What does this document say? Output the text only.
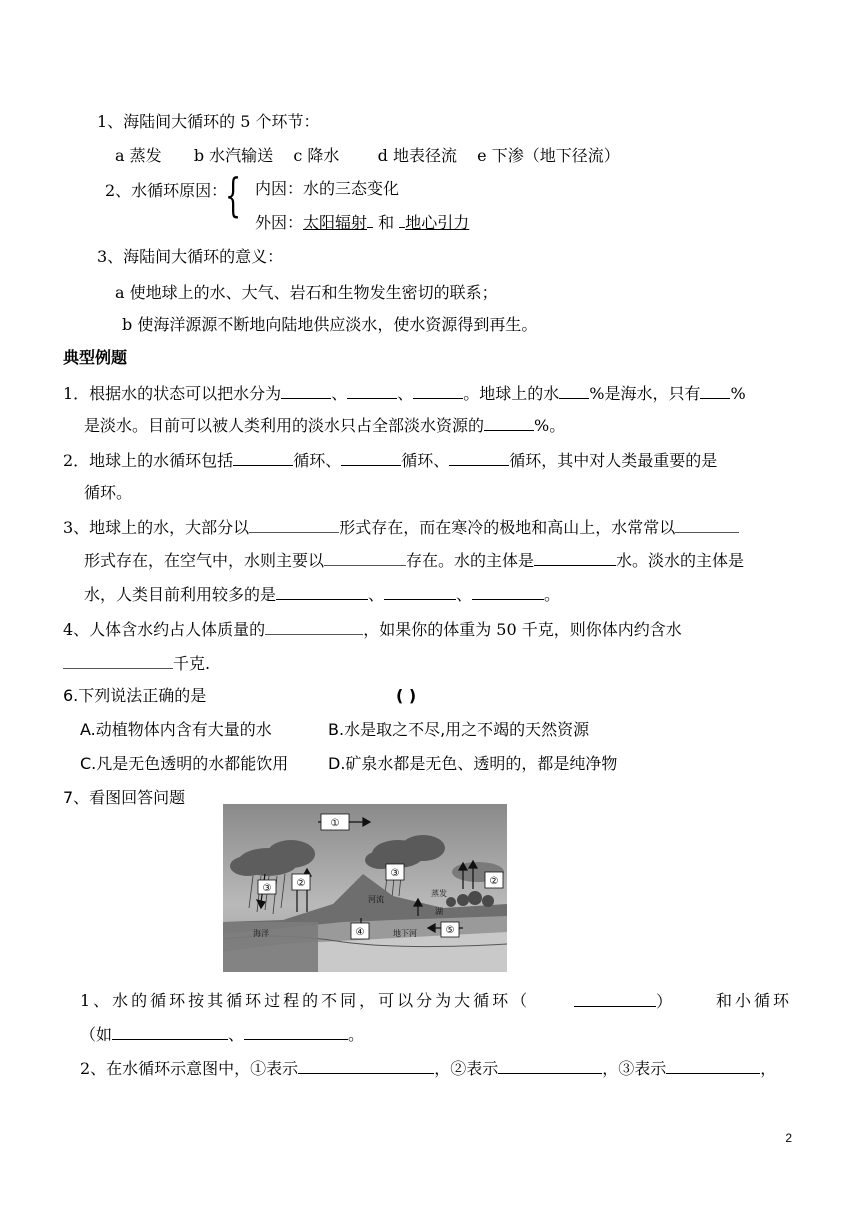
1、海陆间大循环的 5 个环节：
a 蒸发 b 水汽输送 c 降水 d 地表径流 e 下渗（地下径流）
2、水循环原因：
{ 内因：水的三态变化
外因：太阳辐射 和 地心引力
3、海陆间大循环的意义：
a 使地球上的水、大气、岩石和生物发生密切的联系；
b 使海洋源源不断地向陆地供应淡水，使水资源得到再生。
典型例题
1．根据水的状态可以把水分为	、	、	。地球上的水 %是海水，只有 %
是淡水。目前可以被人类利用的淡水只占全部淡水资源的	%。
2．地球上的水循环包括	循环、	循环、	循环，其中对人类最重要的是
循环。
3、地球上的水，大部分以	形式存在，而在寒冷的极地和高山上，水常常以
形式存在，在空气中，水则主要以	存在。水的主体是	水。淡水的主体是
水，人类目前利用较多的是	、	、	。
4、人体含水约占人体质量的	，如果你的体重为 50 千克，则你体内约含水
千克.
6.下列说法正确的是	( )
A.动植物体内含有大量的水	B.水是取之不尽,用之不竭的天然资源
C.凡是无色透明的水都能饮用 D.矿泉水都是无色、透明的，都是纯净物
7、看图回答问题
①
②
③
③
②
④	⑤
河流
蒸发
湖
海洋	地下河
1、水的循环按其循环过程的不同，可以分为大循环（	）	和小循环
（如	、	。
2、在水循环示意图中，①表示	，②表示	，③表示	，
2
